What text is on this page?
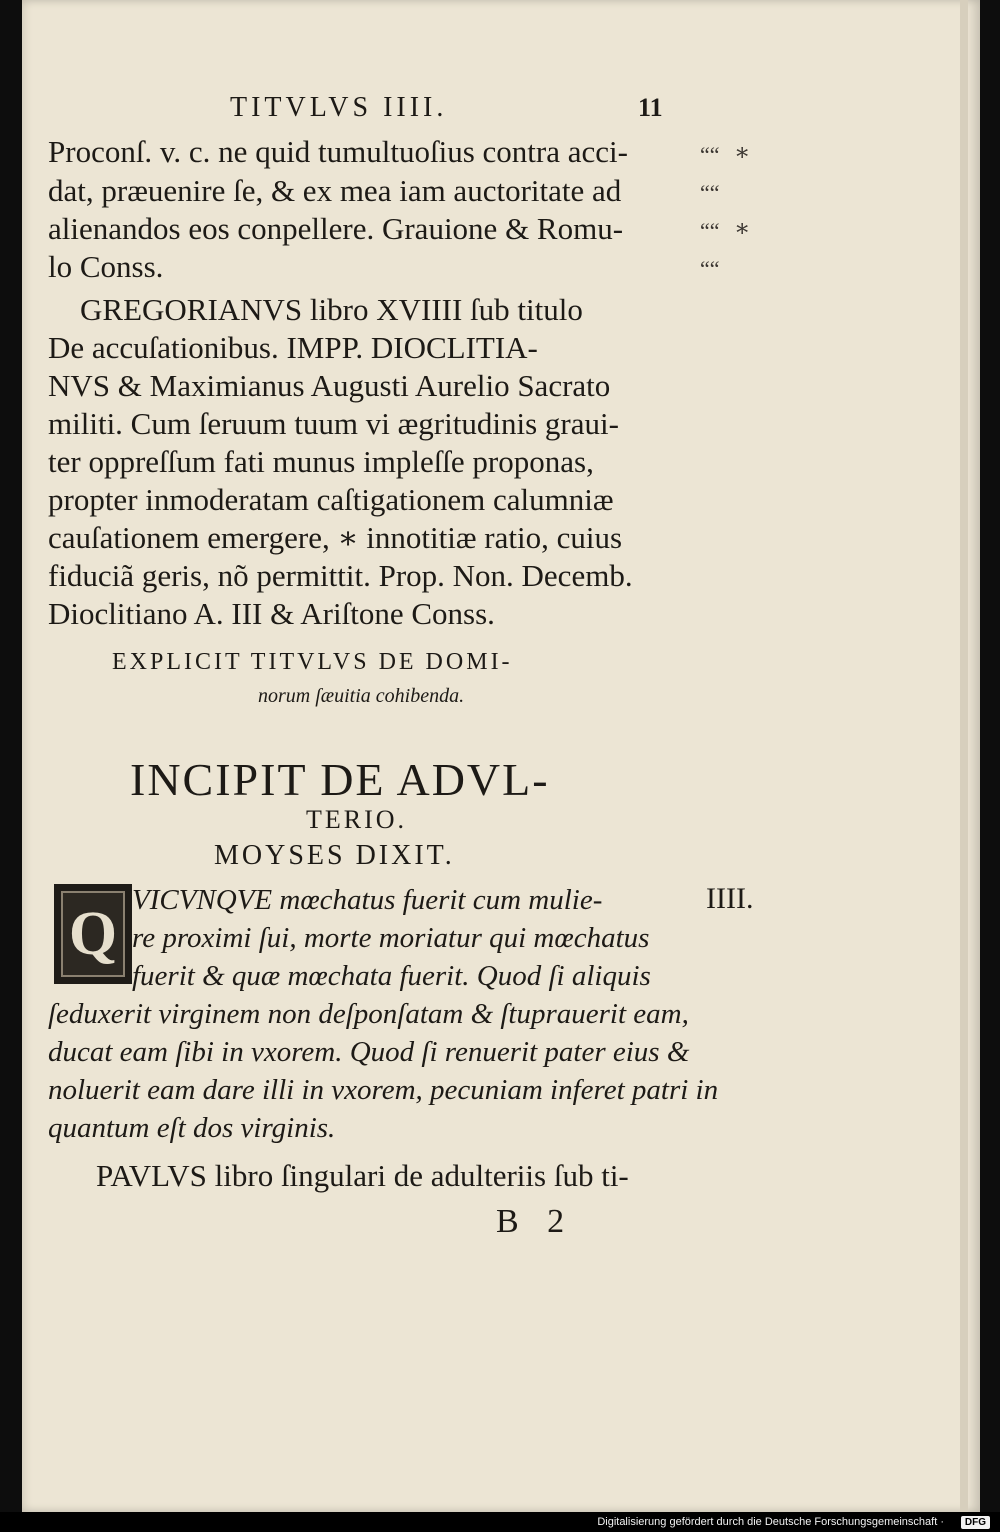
TITVLVS IIII.	11
Proconſ. v. c. ne quid tumultuoſius contra acci-
dat, præuenire ſe, & ex mea iam auctoritate ad
alienandos eos conpellere. Grauione & Romu-
lo Conss.
““
““
““
““
∗
∗
GREGORIANVS libro XVIIII ſub titulo
De accuſationibus. IMPP. DIOCLITIA-
NVS & Maximianus Augusti Aurelio Sacrato
militi. Cum ſeruum tuum vi ægritudinis graui-
ter oppreſſum fati munus impleſſe proponas,
propter inmoderatam caſtigationem calumniæ
cauſationem emergere, ∗ innotitiæ ratio, cuius
fiduciã geris, nõ permittit. Prop. Non. Decemb.
Dioclitiano A. III & Ariſtone Conss.
EXPLICIT TITVLVS DE DOMI-
norum ſæuitia cohibenda.
INCIPIT DE ADVL-
TERIO.
MOYSES DIXIT.
Q VICVNQVE mœchatus fuerit cum mulie-
re proximi ſui, morte moriatur qui mœchatus
fuerit & quæ mœchata fuerit. Quod ſi aliquis
ſeduxerit virginem non deſponſatam & ſtuprauerit eam,
ducat eam ſibi in vxorem. Quod ſi renuerit pater eius &
noluerit eam dare illi in vxorem, pecuniam inferet patri in
quantum eſt dos virginis.
IIII.
PAVLVS libro ſingulari de adulteriis ſub ti-
B 2
Digitalisierung gefördert durch die Deutsche Forschungsgemeinschaft ·	DFG
